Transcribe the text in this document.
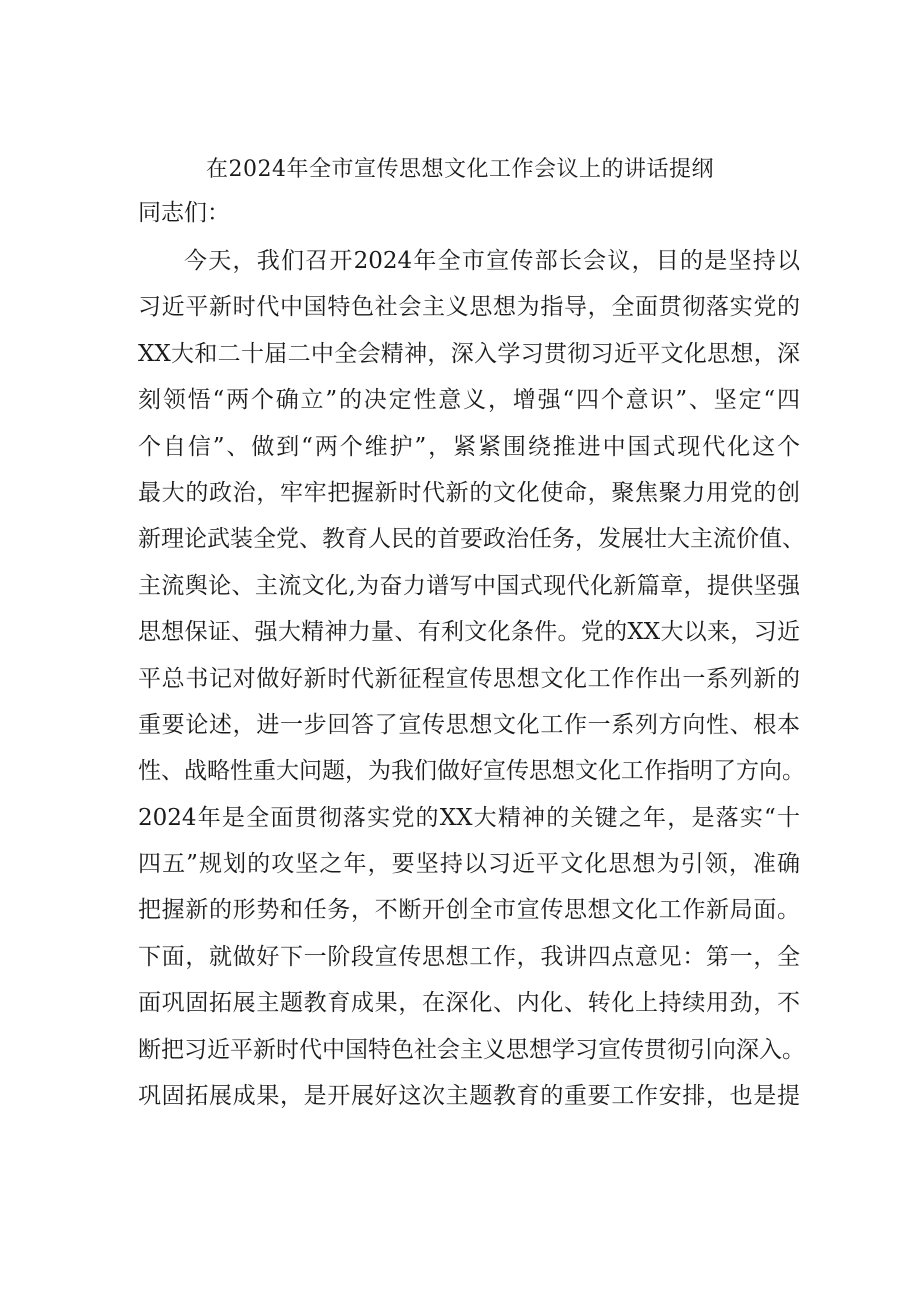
在2024年全市宣传思想文化工作会议上的讲话提纲
同志们：
今天，我们召开2024年全市宣传部长会议，目的是坚持以
习近平新时代中国特色社会主义思想为指导，全面贯彻落实党的
XX大和二十届二中全会精神，深入学习贯彻习近平文化思想，深
刻领悟“两个确立”的决定性意义，增强“四个意识”、坚定“四
个自信”、做到“两个维护”，紧紧围绕推进中国式现代化这个
最大的政治，牢牢把握新时代新的文化使命，聚焦聚力用党的创
新理论武装全党、教育人民的首要政治任务，发展壮大主流价值、
主流舆论、主流文化,为奋力谱写中国式现代化新篇章，提供坚强
思想保证、强大精神力量、有利文化条件。党的XX大以来，习近
平总书记对做好新时代新征程宣传思想文化工作作出一系列新的
重要论述，进一步回答了宣传思想文化工作一系列方向性、根本
性、战略性重大问题，为我们做好宣传思想文化工作指明了方向。
2024年是全面贯彻落实党的XX大精神的关键之年，是落实“十
四五”规划的攻坚之年，要坚持以习近平文化思想为引领，准确
把握新的形势和任务，不断开创全市宣传思想文化工作新局面。
下面，就做好下一阶段宣传思想工作，我讲四点意见：第一，全
面巩固拓展主题教育成果，在深化、内化、转化上持续用劲，不
断把习近平新时代中国特色社会主义思想学习宣传贯彻引向深入。
巩固拓展成果，是开展好这次主题教育的重要工作安排，也是提
